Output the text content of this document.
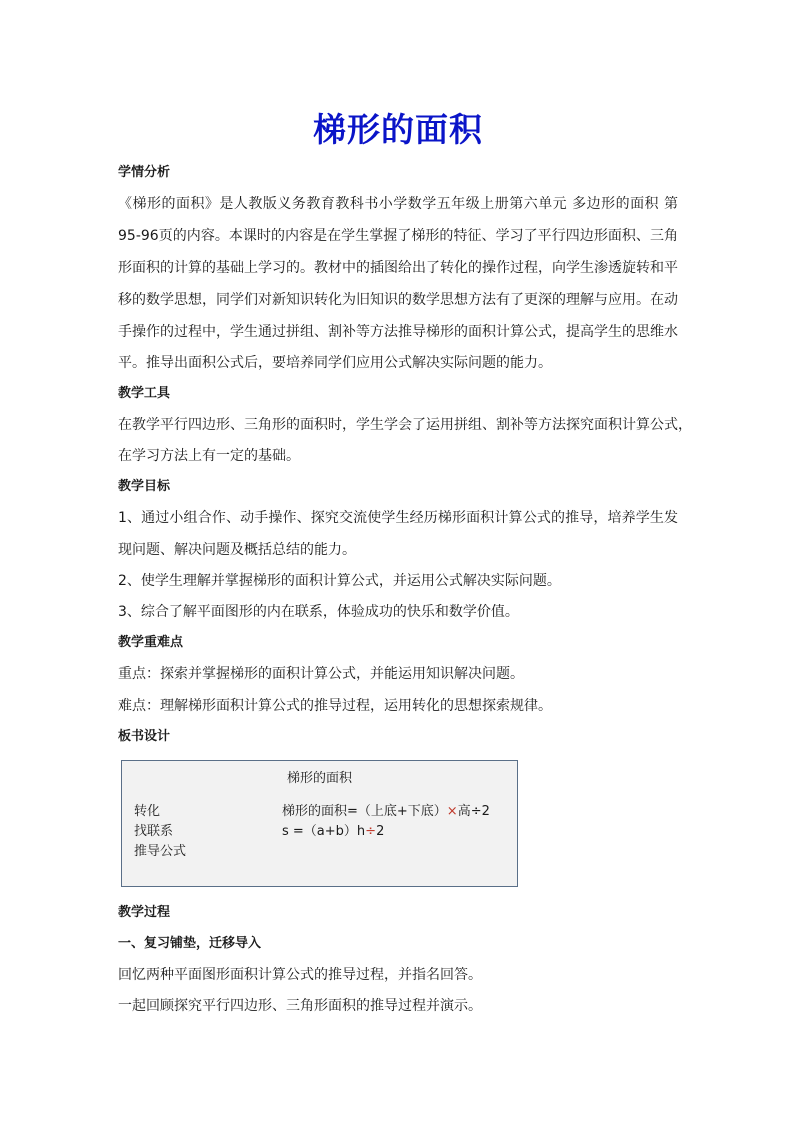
梯形的面积
学情分析
《梯形的面积》是人教版义务教育教科书小学数学五年级上册第六单元 多边形的面积 第
95-96页的内容。本课时的内容是在学生掌握了梯形的特征、学习了平行四边形面积、三角
形面积的计算的基础上学习的。教材中的插图给出了转化的操作过程，向学生渗透旋转和平
移的数学思想，同学们对新知识转化为旧知识的数学思想方法有了更深的理解与应用。在动
手操作的过程中，学生通过拼组、割补等方法推导梯形的面积计算公式，提高学生的思维水
平。推导出面积公式后，要培养同学们应用公式解决实际问题的能力。
教学工具
在教学平行四边形、三角形的面积时，学生学会了运用拼组、割补等方法探究面积计算公式，
在学习方法上有一定的基础。
教学目标
1、通过小组合作、动手操作、探究交流使学生经历梯形面积计算公式的推导，培养学生发
现问题、解决问题及概括总结的能力。
2、使学生理解并掌握梯形的面积计算公式，并运用公式解决实际问题。
3、综合了解平面图形的内在联系，体验成功的快乐和数学价值。
教学重难点
重点：探索并掌握梯形的面积计算公式，并能运用知识解决问题。
难点：理解梯形面积计算公式的推导过程，运用转化的思想探索规律。
板书设计
梯形的面积
转化
找联系
推导公式
梯形的面积=（上底+下底）×高÷2
s =（a+b）h÷2
教学过程
一、复习铺垫，迁移导入
回忆两种平面图形面积计算公式的推导过程，并指名回答。
一起回顾探究平行四边形、三角形面积的推导过程并演示。
